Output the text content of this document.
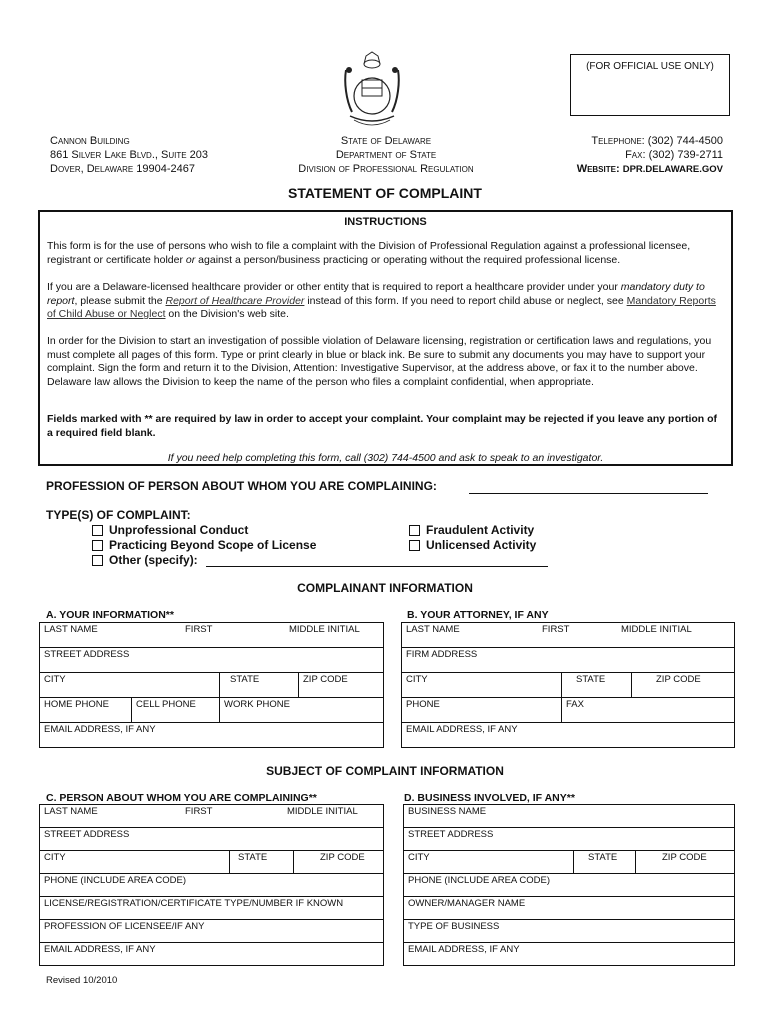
(FOR OFFICIAL USE ONLY)
Cannon Building
861 Silver Lake Blvd., Suite 203
Dover, Delaware 19904-2467
State of Delaware
Department of State
Division of Professional Regulation
Telephone: (302) 744-4500
Fax: (302) 739-2711
Website: DPR.DELAWARE.GOV
STATEMENT OF COMPLAINT
INSTRUCTIONS
This form is for the use of persons who wish to file a complaint with the Division of Professional Regulation against a professional licensee, registrant or certificate holder or against a person/business practicing or operating without the required professional license.
If you are a Delaware-licensed healthcare provider or other entity that is required to report a healthcare provider under your mandatory duty to report, please submit the Report of Healthcare Provider instead of this form. If you need to report child abuse or neglect, see Mandatory Reports of Child Abuse or Neglect on the Division's web site.
In order for the Division to start an investigation of possible violation of Delaware licensing, registration or certification laws and regulations, you must complete all pages of this form. Type or print clearly in blue or black ink. Be sure to submit any documents you may have to support your complaint. Sign the form and return it to the Division, Attention: Investigative Supervisor, at the address above, or fax it to the number above. Delaware law allows the Division to keep the name of the person who files a complaint confidential, when appropriate.
Fields marked with ** are required by law in order to accept your complaint. Your complaint may be rejected if you leave any portion of a required field blank.
If you need help completing this form, call (302) 744-4500 and ask to speak to an investigator.
PROFESSION OF PERSON ABOUT WHOM YOU ARE COMPLAINING:
TYPE(S) OF COMPLAINT:
Unprofessional Conduct
Practicing Beyond Scope of License
Other (specify):
Fraudulent Activity
Unlicensed Activity
COMPLAINANT INFORMATION
A. YOUR INFORMATION**
LAST NAME FIRST MIDDLE INITIAL			

STREET ADDRESS			
CITY		STATE	ZIP CODE
HOME PHONE	CELL PHONE	WORK PHONE	
EMAIL ADDRESS, IF ANY			
B. YOUR ATTORNEY, IF ANY
LAST NAME FIRST MIDDLE INITIAL		

FIRM ADDRESS		
CITY	STATE	ZIP CODE
PHONE	FAX	
EMAIL ADDRESS, IF ANY		
SUBJECT OF COMPLAINT INFORMATION
C. PERSON ABOUT WHOM YOU ARE COMPLAINING**
LAST NAME	FIRST	MIDDLE INITIAL

STREET ADDRESS
CITY	STATE	ZIP CODE
PHONE (INCLUDE AREA CODE)
LICENSE/REGISTRATION/CERTIFICATE TYPE/NUMBER IF KNOWN
PROFESSION OF LICENSEE/IF ANY
EMAIL ADDRESS, IF ANY
D. BUSINESS INVOLVED, IF ANY**
BUSINESS NAME
STREET ADDRESS
CITY	STATE	ZIP CODE
PHONE (INCLUDE AREA CODE)
OWNER/MANAGER NAME
TYPE OF BUSINESS
EMAIL ADDRESS, IF ANY
Revised 10/2010
